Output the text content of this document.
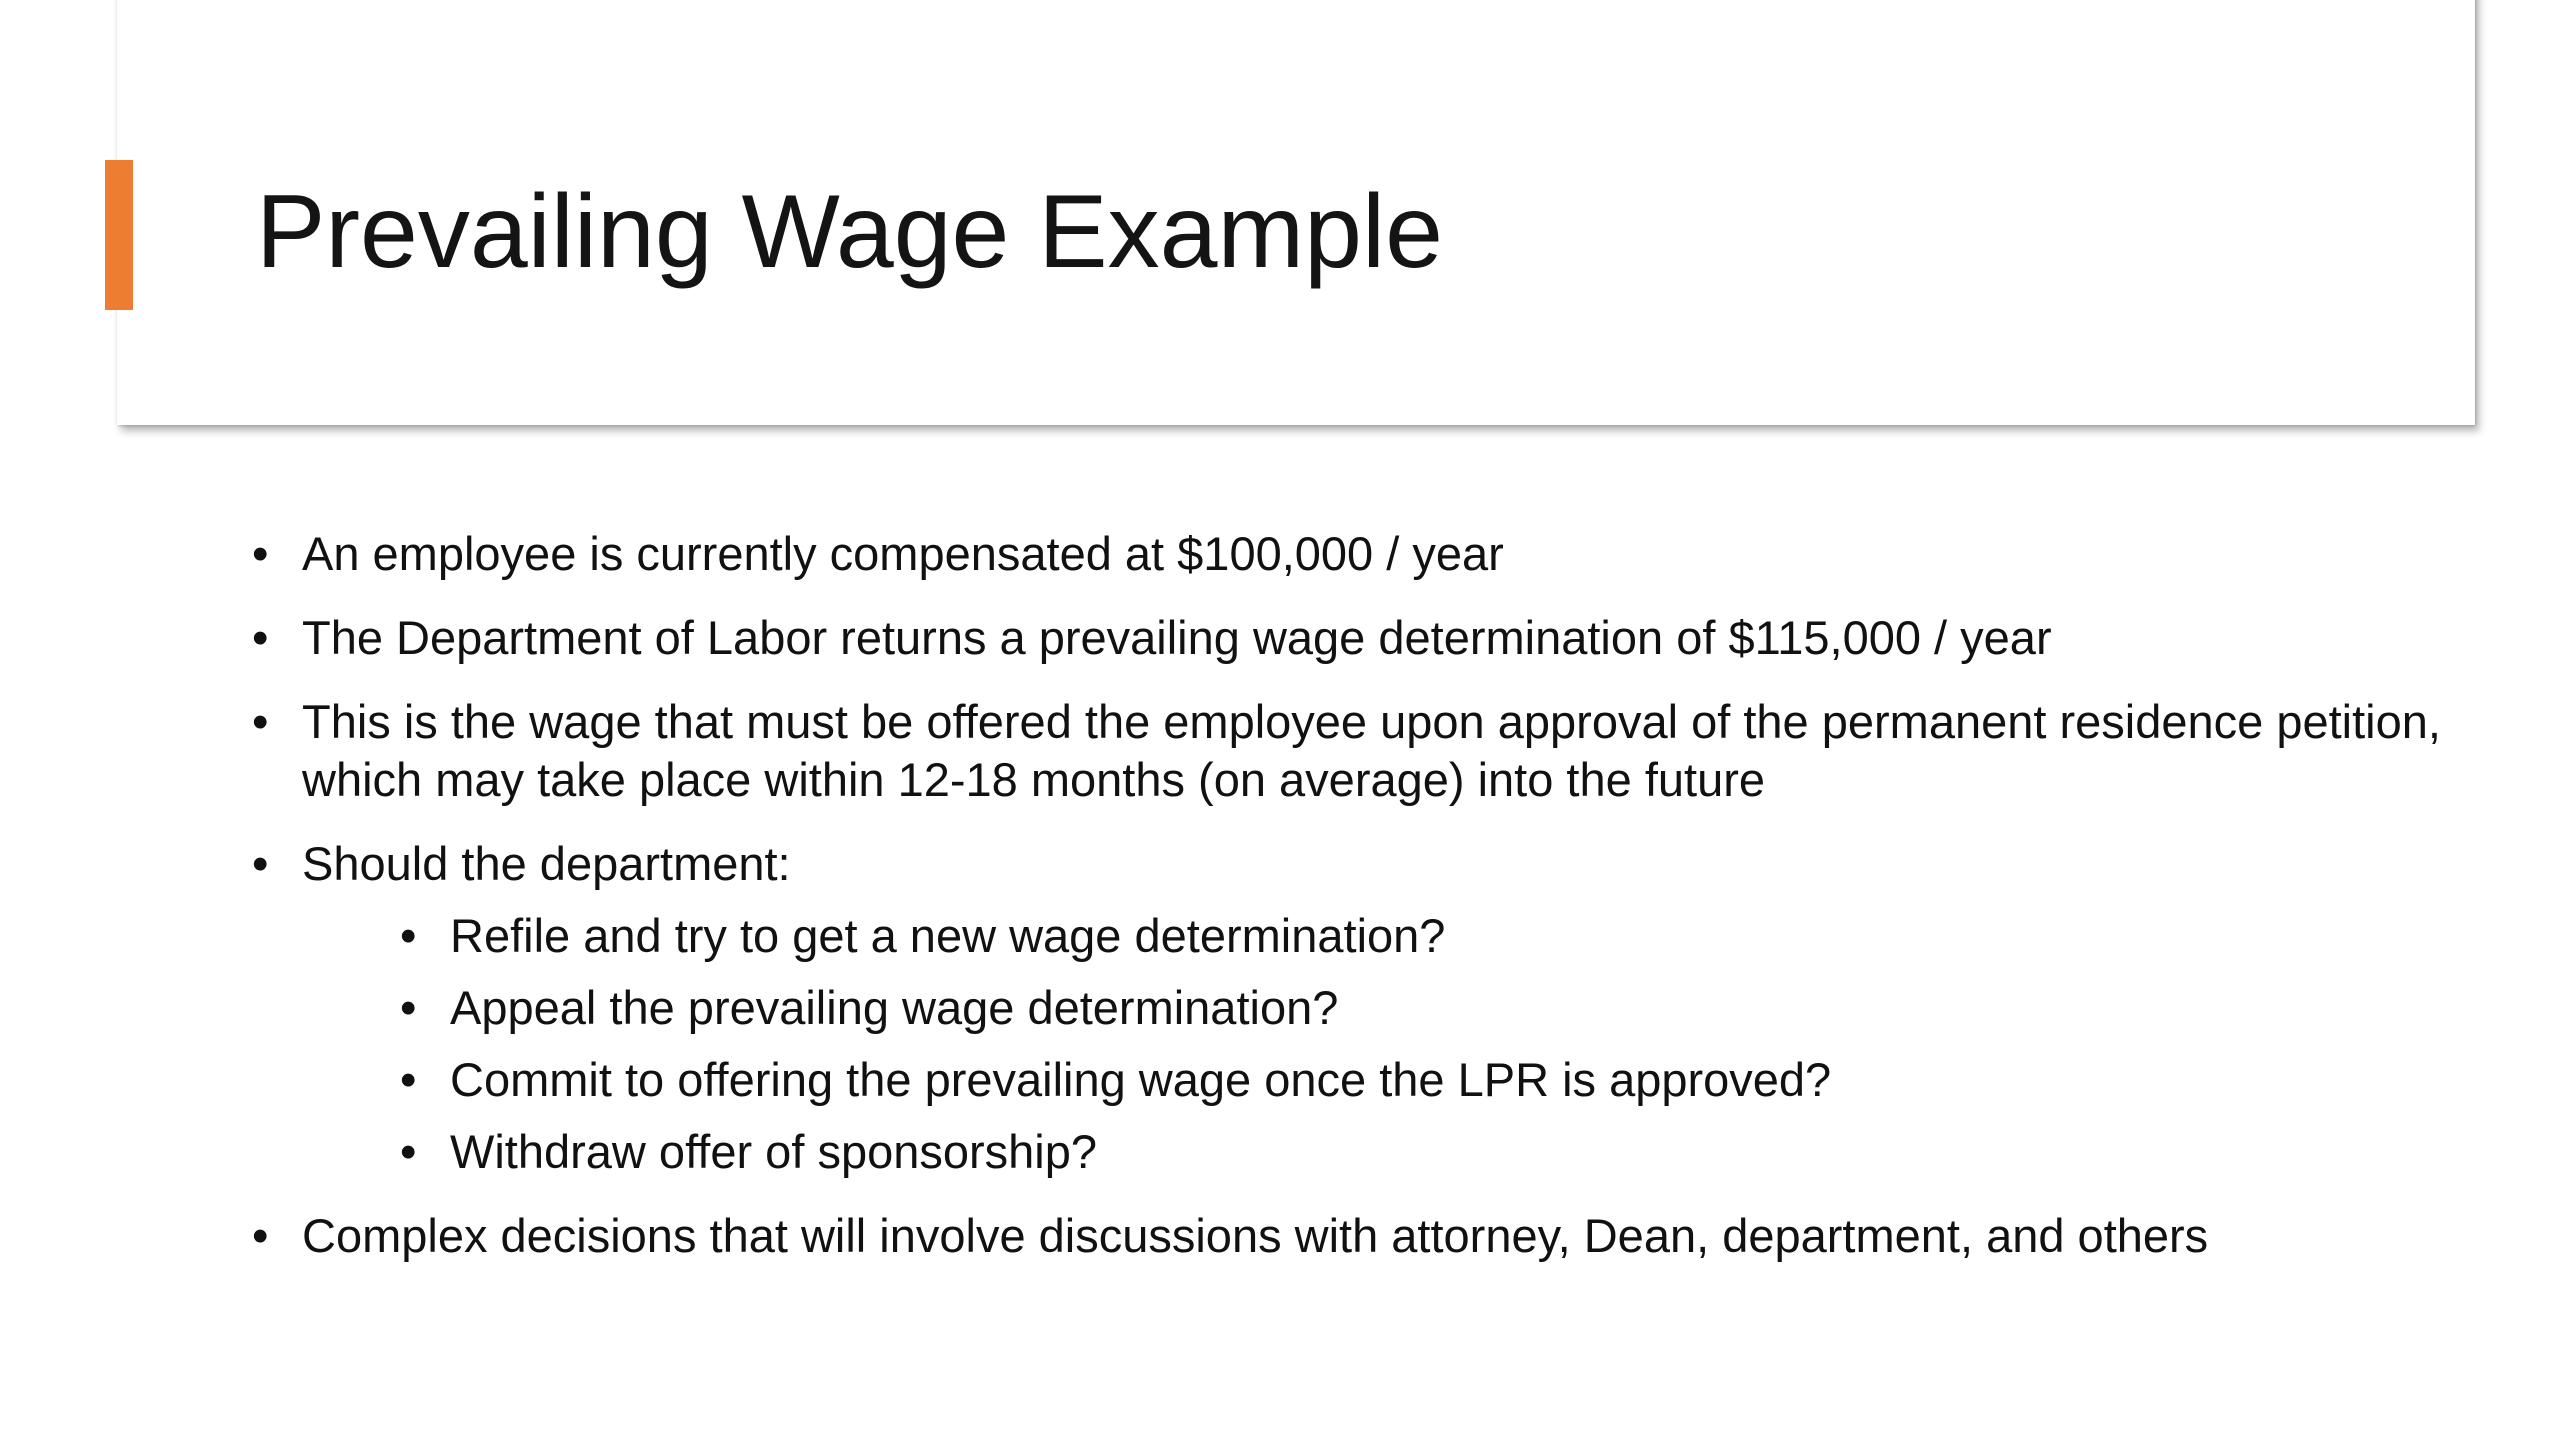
Prevailing Wage Example
• An employee is currently compensated at $100,000 / year
• The Department of Labor returns a prevailing wage determination of $115,000 / year
• This is the wage that must be offered the employee upon approval of the permanent residence petition, which may take place within 12-18 months (on average) into the future
• Should the department:
• Refile and try to get a new wage determination?
• Appeal the prevailing wage determination?
• Commit to offering the prevailing wage once the LPR is approved?
• Withdraw offer of sponsorship?
• Complex decisions that will involve discussions with attorney, Dean, department, and others
